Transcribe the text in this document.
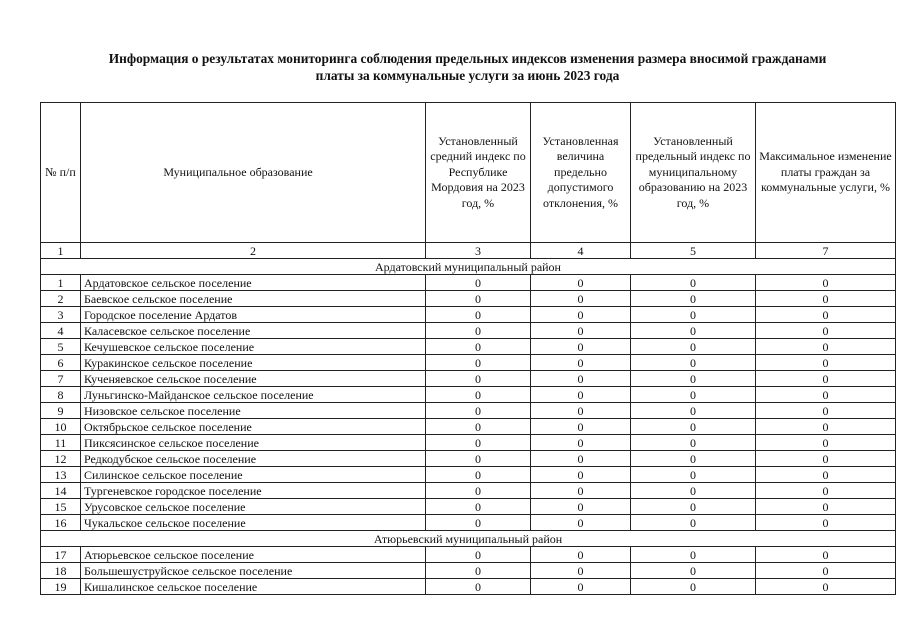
Информация о результатах мониторинга соблюдения предельных индексов изменения размера вносимой гражданами
платы за коммунальные услуги за июнь 2023 года
№ п/п	Муниципальное образование	Установленный средний индекс по Республике Мордовия на 2023 год, %	Установленная величина предельно допустимого отклонения, %	Установленный предельный индекс по муниципальному образованию на 2023 год, %	Максимальное изменение платы граждан за коммунальные услуги, %
1	2	3	4	5	7
Ардатовский муниципальный район					
1	Ардатовское сельское поселение	0	0	0	0
2	Баевское сельское поселение	0	0	0	0
3	Городское поселение Ардатов	0	0	0	0
4	Каласевское сельское поселение	0	0	0	0
5	Кечушевское сельское поселение	0	0	0	0
6	Куракинское сельское поселение	0	0	0	0
7	Кученяевское сельское поселение	0	0	0	0
8	Луньгинско-Майданское сельское поселение	0	0	0	0
9	Низовское сельское поселение	0	0	0	0
10	Октябрьское сельское поселение	0	0	0	0
11	Пиксясинское сельское поселение	0	0	0	0
12	Редкодубское сельское поселение	0	0	0	0
13	Силинское сельское поселение	0	0	0	0
14	Тургеневское городское поселение	0	0	0	0
15	Урусовское сельское поселение	0	0	0	0
16	Чукальское сельское поселение	0	0	0	0
Атюрьевский муниципальный район					
17	Атюрьевское сельское поселение	0	0	0	0
18	Большешуструйское сельское поселение	0	0	0	0
19	Кишалинское сельское поселение	0	0	0	0
